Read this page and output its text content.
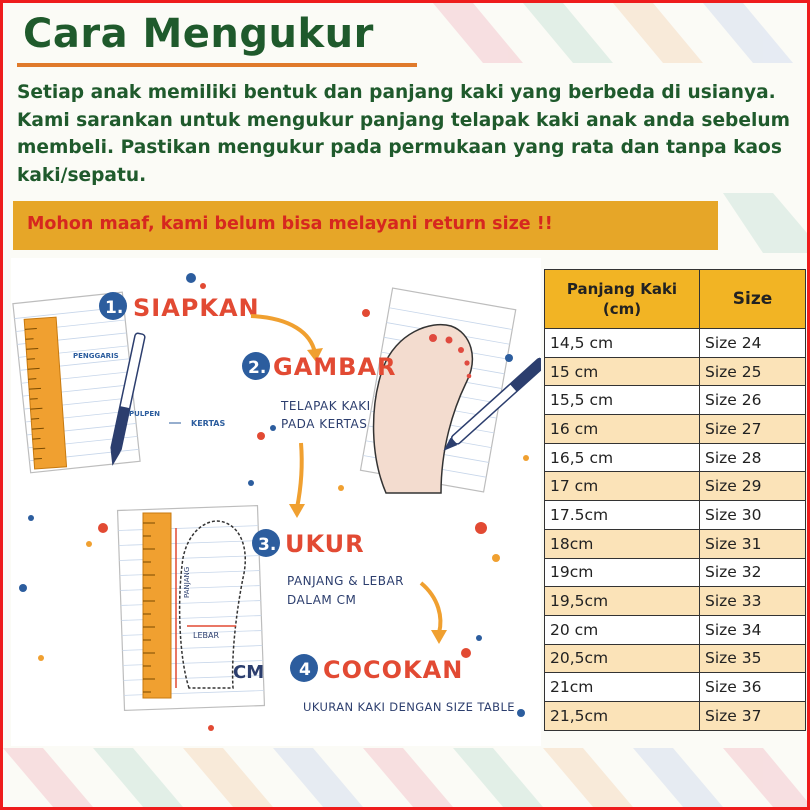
Cara Mengukur
Setiap anak memiliki bentuk dan panjang kaki yang berbeda di usianya. Kami sarankan untuk mengukur panjang telapak kaki anak anda sebelum membeli. Pastikan mengukur pada permukaan yang rata dan tanpa kaos kaki/sepatu.
Mohon maaf, kami belum bisa melayani return size !!
PENGGARIS
PULPEN
KERTAS
1. SIAPKAN
2. GAMBAR
TELAPAK KAKI
PADA KERTAS
PANJANG
LEBAR
CM
3. UKUR
PANJANG & LEBAR
DALAM CM
4 COCOKAN
UKURAN KAKI DENGAN SIZE TABLE
Panjang Kaki (cm)	Size
14,5 cm	Size 24
15 cm	Size 25
15,5 cm	Size 26
16 cm	Size 27
16,5 cm	Size 28
17 cm	Size 29
17.5cm	Size 30
18cm	Size 31
19cm	Size 32
19,5cm	Size 33
20 cm	Size 34
20,5cm	Size 35
21cm	Size 36
21,5cm	Size 37
